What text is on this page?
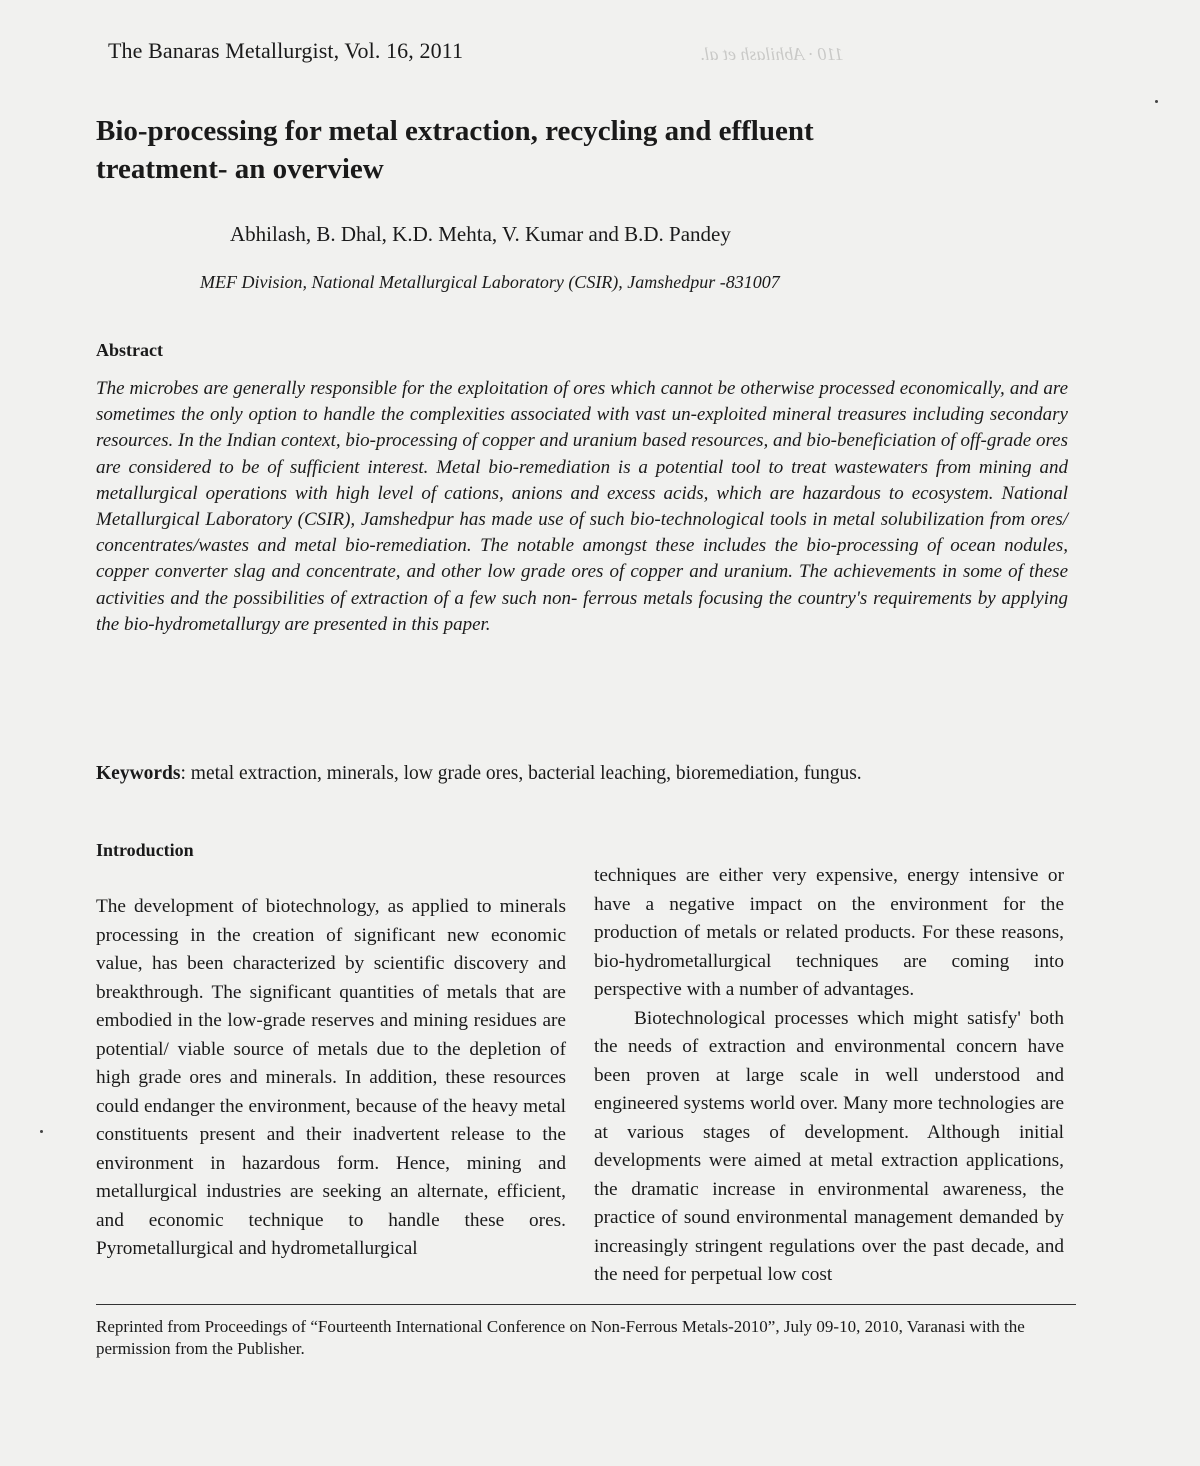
110 · Abhilash et al.
The Banaras Metallurgist, Vol. 16, 2011
Bio-processing for metal extraction, recycling and effluent treatment- an overview
Abhilash, B. Dhal, K.D. Mehta, V. Kumar and B.D. Pandey
MEF Division, National Metallurgical Laboratory (CSIR), Jamshedpur -831007
Abstract

The microbes are generally responsible for the exploitation of ores which cannot be otherwise processed economically, and are sometimes the only option to handle the complexities associated with vast un-exploited mineral treasures including secondary resources. In the Indian context, bio-processing of copper and uranium based resources, and bio-beneficiation of off-grade ores are considered to be of sufficient interest. Metal bio-remediation is a potential tool to treat wastewaters from mining and metallurgical operations with high level of cations, anions and excess acids, which are hazardous to ecosystem. National Metallurgical Laboratory (CSIR), Jamshedpur has made use of such bio-technological tools in metal solubilization from ores/ concentrates/wastes and metal bio-remediation. The notable amongst these includes the bio-processing of ocean nodules, copper converter slag and concentrate, and other low grade ores of copper and uranium. The achievements in some of these activities and the possibilities of extraction of a few such non- ferrous metals focusing the country's requirements by applying the bio-hydrometallurgy are presented in this paper.

Keywords: metal extraction, minerals, low grade ores, bacterial leaching, bioremediation, fungus.
Introduction

The development of biotechnology, as applied to minerals processing in the creation of significant new economic value, has been characterized by scientific discovery and breakthrough. The significant quantities of metals that are embodied in the low-grade reserves and mining residues are potential/ viable source of metals due to the depletion of high grade ores and minerals. In addition, these resources could endanger the environment, because of the heavy metal constituents present and their inadvertent release to the environment in hazardous form. Hence, mining and metallurgical industries are seeking an alternate, efficient, and economic technique to handle these ores. Pyrometallurgical and hydrometallurgical

techniques are either very expensive, energy intensive or have a negative impact on the environment for the production of metals or related products. For these reasons, bio-hydrometallurgical techniques are coming into perspective with a number of advantages.

Biotechnological processes which might satisfy' both the needs of extraction and environmental concern have been proven at large scale in well understood and engineered systems world over. Many more technologies are at various stages of development. Although initial developments were aimed at metal extraction applications, the dramatic increase in environmental awareness, the practice of sound environmental management demanded by increasingly stringent regulations over the past decade, and the need for perpetual low cost

Reprinted from Proceedings of “Fourteenth International Conference on Non-Ferrous Metals-2010”, July 09-10, 2010, Varanasi with the permission from the Publisher.
